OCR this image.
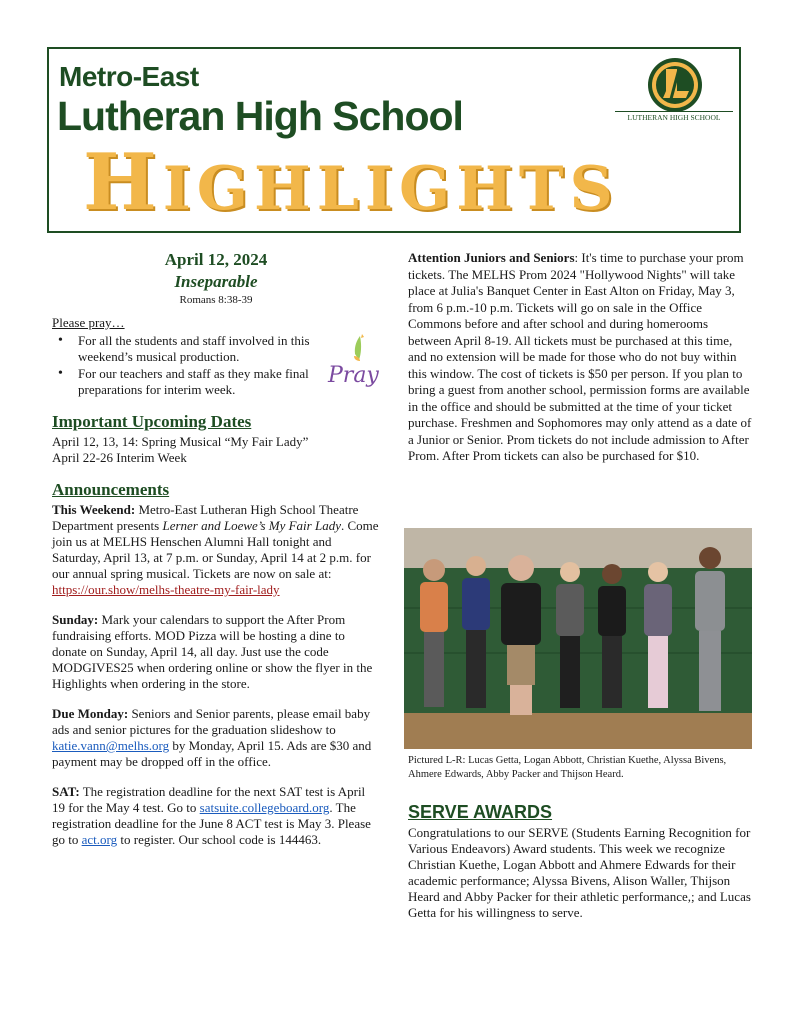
Metro-East
Lutheran High School
HIGHLIGHTS
LUTHERAN HIGH SCHOOL
April 12, 2024
Inseparable
Romans 8:38-39
Please pray…
• For all the students and staff involved in this weekend’s musical production.
• For our teachers and staff as they make final preparations for interim week.
Pray
Important Upcoming Dates
April 12, 13, 14: Spring Musical “My Fair Lady”
April 22-26 Interim Week
Announcements

This Weekend: Metro-East Lutheran High School Theatre Department presents Lerner and Loewe’s My Fair Lady. Come join us at MELHS Henschen Alumni Hall tonight and Saturday, April 13, at 7 p.m. or Sunday, April 14 at 2 p.m. for our annual spring musical. Tickets are now on sale at:
https://our.show/melhs-theatre-my-fair-lady

Sunday: Mark your calendars to support the After Prom fundraising efforts. MOD Pizza will be hosting a dine to donate on Sunday, April 14, all day. Just use the code MODGIVES25 when ordering online or show the flyer in the Highlights when ordering in the store.

Due Monday: Seniors and Senior parents, please email baby ads and senior pictures for the graduation slideshow to katie.vann@melhs.org by Monday, April 15. Ads are $30 and payment may be dropped off in the office.

SAT: The registration deadline for the next SAT test is April 19 for the May 4 test. Go to satsuite.collegeboard.org. The registration deadline for the June 8 ACT test is May 3. Please go to act.org to register. Our school code is 144463.

Attention Juniors and Seniors: It's time to purchase your prom tickets. The MELHS Prom 2024 "Hollywood Nights" will take place at Julia's Banquet Center in East Alton on Friday, May 3, from 6 p.m.-10 p.m. Tickets will go on sale in the Office Commons before and after school and during homerooms between April 8-19. All tickets must be purchased at this time, and no extension will be made for those who do not buy within this window. The cost of tickets is $50 per person. If you plan to bring a guest from another school, permission forms are available in the office and should be submitted at the time of your ticket purchase. Freshmen and Sophomores may only attend as a date of a Junior or Senior. Prom tickets do not include admission to After Prom. After Prom tickets can also be purchased for $10.

Pictured L-R: Lucas Getta, Logan Abbott, Christian Kuethe, Alyssa Bivens, Ahmere Edwards, Abby Packer and Thijson Heard.
SERVE AWARDS
Congratulations to our SERVE (Students Earning Recognition for Various Endeavors) Award students. This week we recognize Christian Kuethe, Logan Abbott and Ahmere Edwards for their academic performance; Alyssa Bivens, Alison Waller, Thijson Heard and Abby Packer for their athletic performance,; and Lucas Getta for his willingness to serve.
